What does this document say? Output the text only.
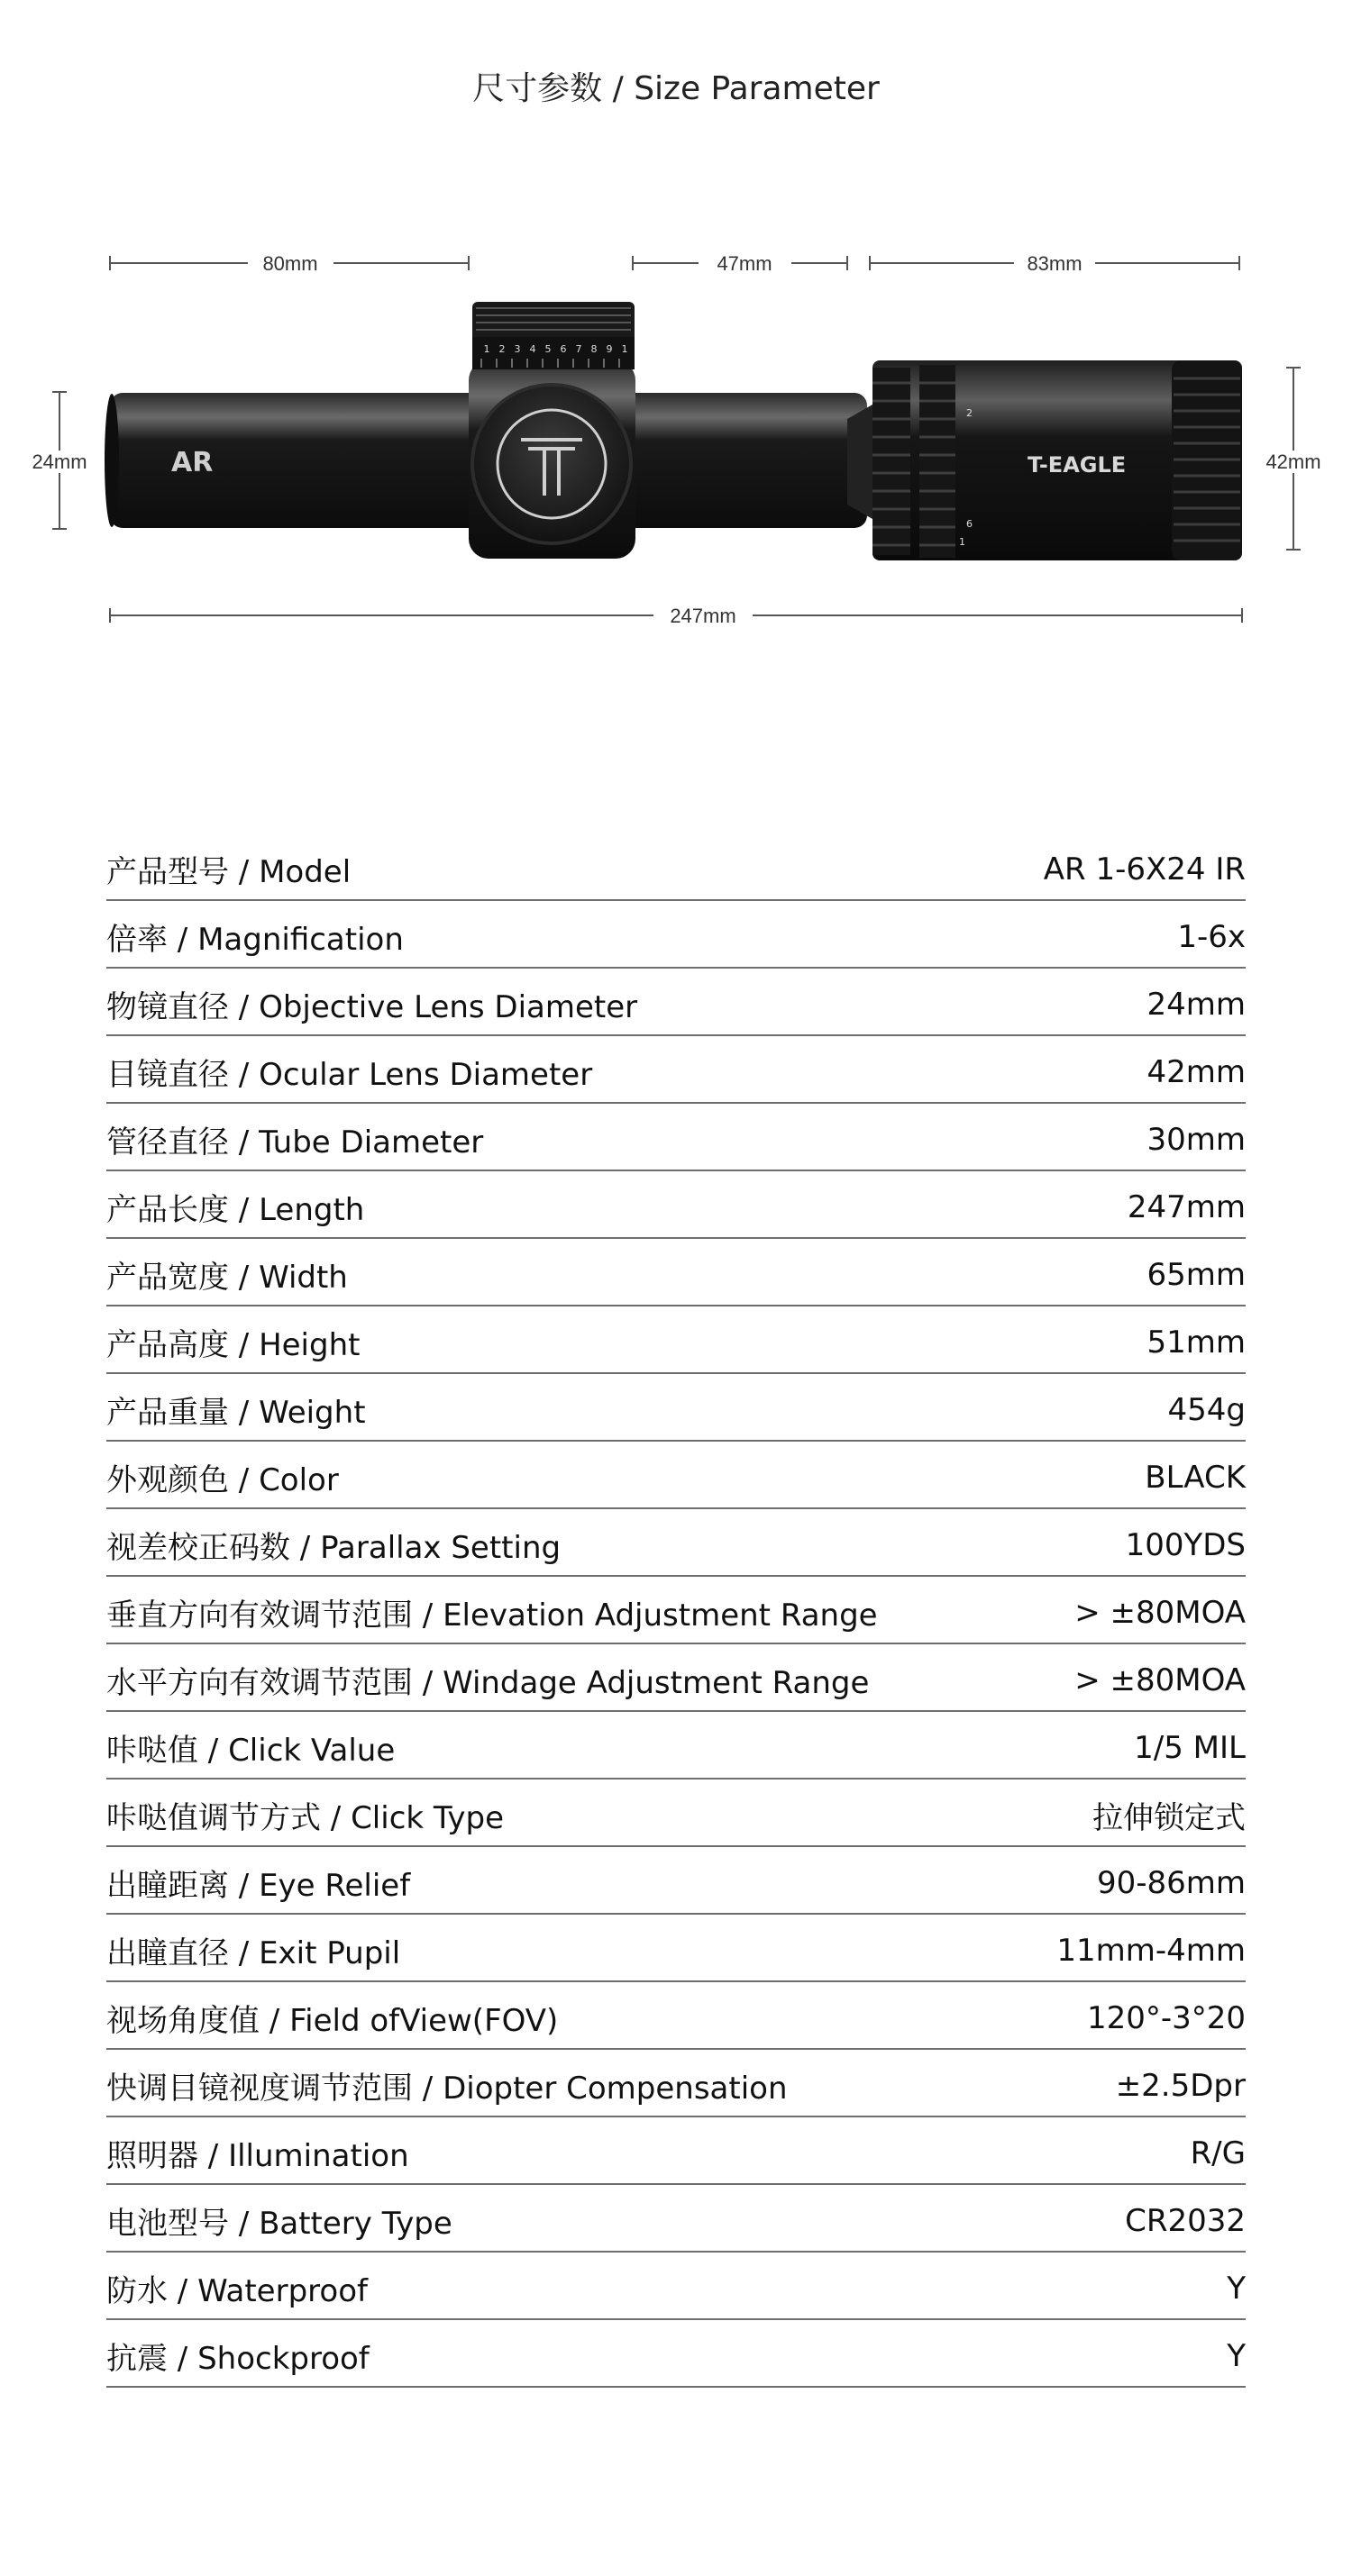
尺寸参数 / Size Parameter
80mm	47mm	83mm
24mm	42mm
247mm
AR
1 2 3 4 5 6 7 8 9 1
2
6
1
T-EAGLE
产品型号 / Model	AR 1-6X24 IR
倍率 / Magnification	1-6x
物镜直径 / Objective Lens Diameter	24mm
目镜直径 / Ocular Lens Diameter	42mm
管径直径 / Tube Diameter	30mm
产品长度 / Length	247mm
产品宽度 / Width	65mm
产品高度 / Height	51mm
产品重量 / Weight	454g
外观颜色 / Color	BLACK
视差校正码数 / Parallax Setting	100YDS
垂直方向有效调节范围 / Elevation Adjustment Range	> ±80MOA
水平方向有效调节范围 / Windage Adjustment Range	> ±80MOA
咔哒值 / Click Value	1/5 MIL
咔哒值调节方式 / Click Type	拉伸锁定式
出瞳距离 / Eye Relief	90-86mm
出瞳直径 / Exit Pupil	11mm-4mm
视场角度值 / Field ofView(FOV)	120°-3°20
快调目镜视度调节范围 / Diopter Compensation	±2.5Dpr
照明器 / Illumination	R/G
电池型号 / Battery Type	CR2032
防水 / Waterproof	Y
抗震 / Shockproof	Y
